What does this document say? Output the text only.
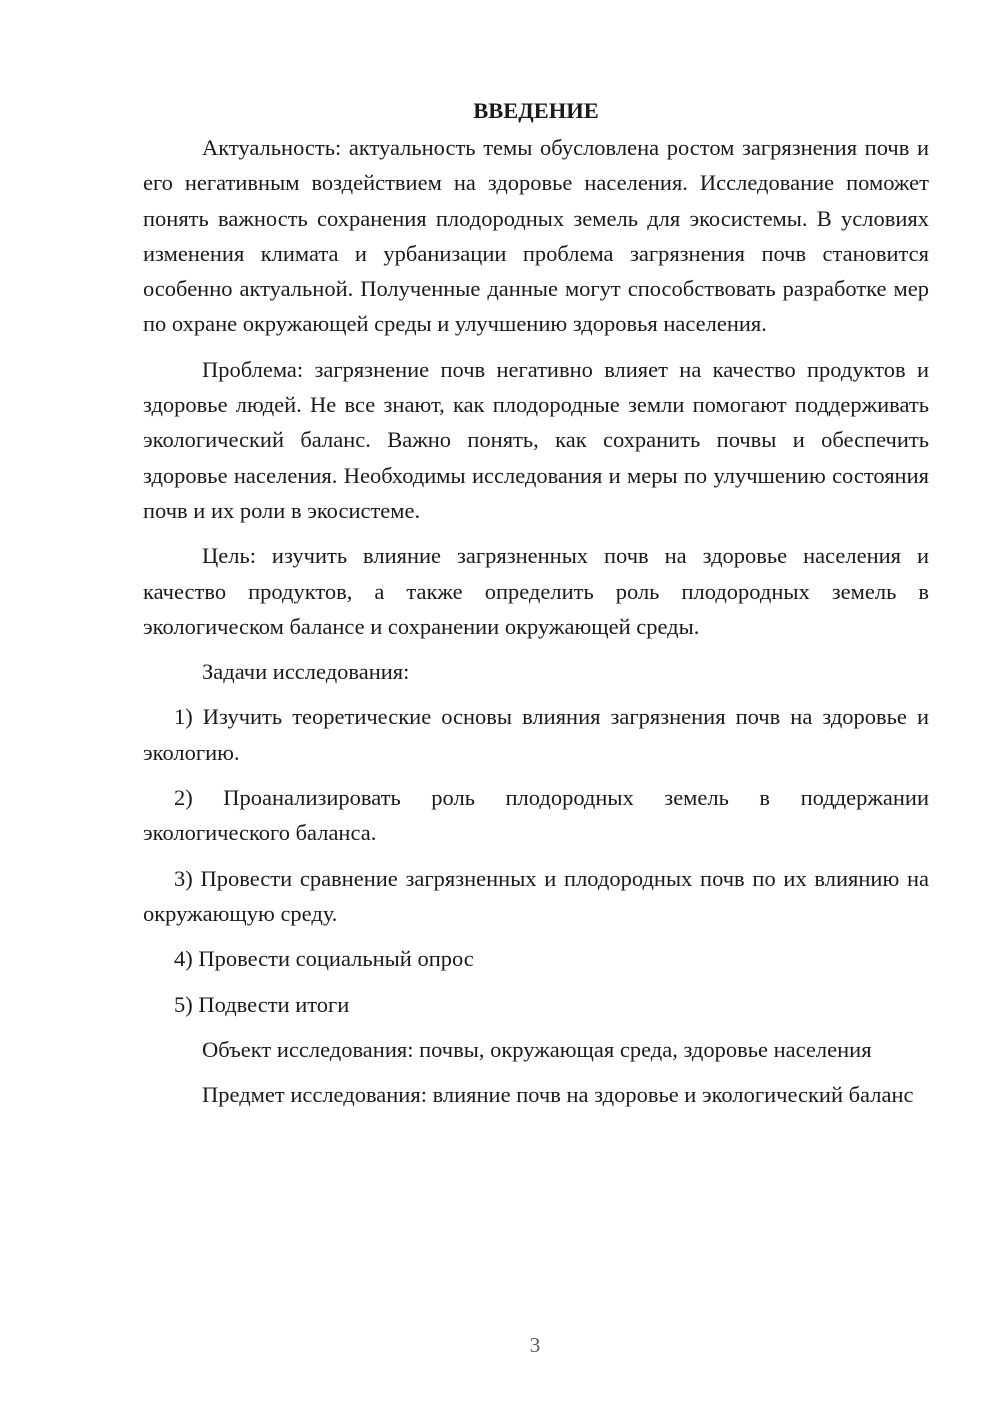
ВВЕДЕНИЕ

Актуальность: актуальность темы обусловлена ростом загрязнения почв и его негативным воздействием на здоровье населения. Исследование поможет понять важность сохранения плодородных земель для экосистемы. В условиях изменения климата и урбанизации проблема загрязнения почв становится особенно актуальной. Полученные данные могут способствовать разработке мер по охране окружающей среды и улучшению здоровья населения.

Проблема: загрязнение почв негативно влияет на качество продуктов и здоровье людей. Не все знают, как плодородные земли помогают поддерживать экологический баланс. Важно понять, как сохранить почвы и обеспечить здоровье населения. Необходимы исследования и меры по улучшению состояния почв и их роли в экосистеме.

Цель: изучить влияние загрязненных почв на здоровье населения и качество продуктов, а также определить роль плодородных земель в экологическом балансе и сохранении окружающей среды.

Задачи исследования:

1) Изучить теоретические основы влияния загрязнения почв на здоровье и экологию.

2) Проанализировать роль плодородных земель в поддержании экологического баланса.

3) Провести сравнение загрязненных и плодородных почв по их влиянию на окружающую среду.

4) Провести социальный опрос

5) Подвести итоги

Объект исследования: почвы, окружающая среда, здоровье населения

Предмет исследования: влияние почв на здоровье и экологический баланс

3
